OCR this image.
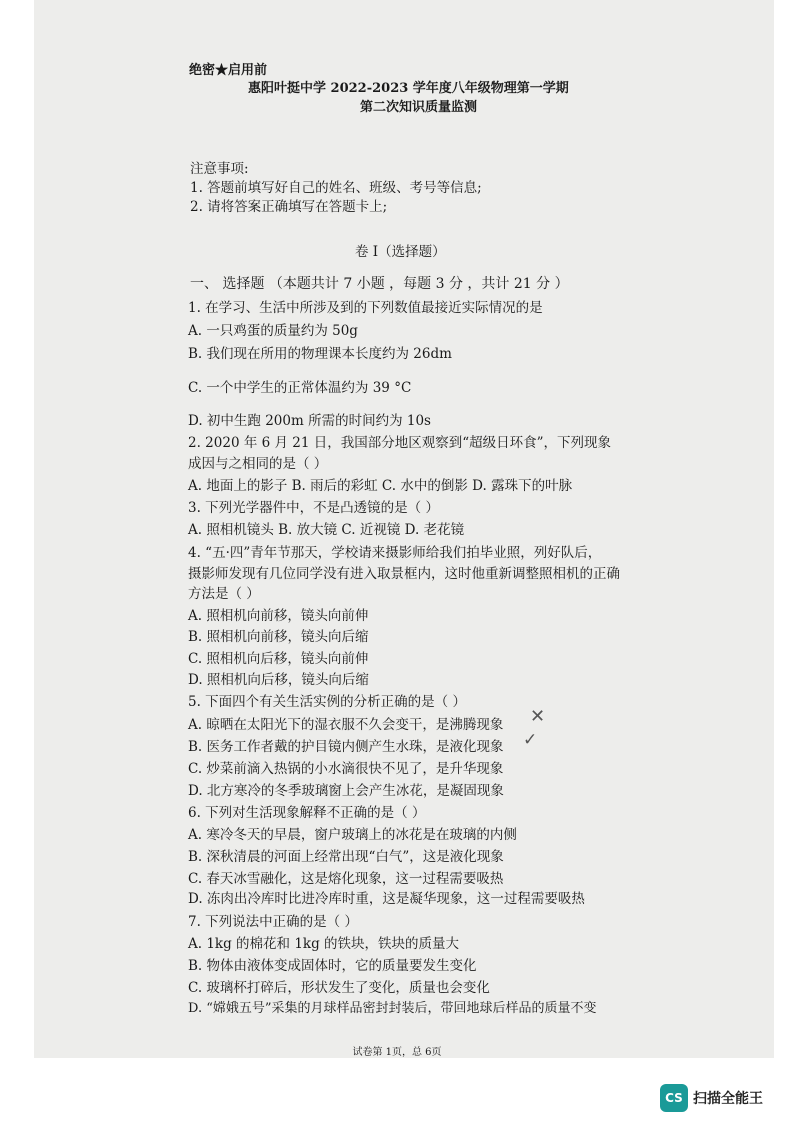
绝密★启用前
惠阳叶挺中学 2022-2023 学年度八年级物理第一学期
第二次知识质量监测
注意事项:
1. 答题前填写好自己的姓名、班级、考号等信息;
2. 请将答案正确填写在答题卡上;
卷 I（选择题）
一、 选择题 （本题共计 7 小题 ，每题 3 分 ，共计 21 分 ）
1. 在学习、生活中所涉及到的下列数值最接近实际情况的是
A. 一只鸡蛋的质量约为 50g
B. 我们现在所用的物理课本长度约为 26dm
C. 一个中学生的正常体温约为 39 °C
D. 初中生跑 200m 所需的时间约为 10s
2. 2020 年 6 月 21 日，我国部分地区观察到“超级日环食”，下列现象
成因与之相同的是（ ）
A. 地面上的影子 B. 雨后的彩虹 C. 水中的倒影 D. 露珠下的叶脉
3. 下列光学器件中，不是凸透镜的是（ ）
A. 照相机镜头 B. 放大镜 C. 近视镜 D. 老花镜
4. “五·四”青年节那天，学校请来摄影师给我们拍毕业照，列好队后，
摄影师发现有几位同学没有进入取景框内，这时他重新调整照相机的正确
方法是（ ）
A. 照相机向前移，镜头向前伸
B. 照相机向前移，镜头向后缩
C. 照相机向后移，镜头向前伸
D. 照相机向后移，镜头向后缩
5. 下面四个有关生活实例的分析正确的是（ ）
A. 晾晒在太阳光下的湿衣服不久会变干，是沸腾现象
B. 医务工作者戴的护目镜内侧产生水珠，是液化现象
C. 炒菜前滴入热锅的小水滴很快不见了，是升华现象
D. 北方寒冷的冬季玻璃窗上会产生冰花，是凝固现象
✕
✓
6. 下列对生活现象解释不正确的是（ ）
A. 寒冷冬天的早晨，窗户玻璃上的冰花是在玻璃的内侧
B. 深秋清晨的河面上经常出现“白气”，这是液化现象
C. 春天冰雪融化，这是熔化现象，这一过程需要吸热
D. 冻肉出冷库时比进冷库时重，这是凝华现象，这一过程需要吸热
7. 下列说法中正确的是（ ）
A. 1kg 的棉花和 1kg 的铁块，铁块的质量大
B. 物体由液体变成固体时，它的质量要发生变化
C. 玻璃杯打碎后，形状发生了变化，质量也会变化
D. “嫦娥五号”采集的月球样品密封封装后，带回地球后样品的质量不变
试卷第 1页，总 6页
CS 扫描全能王
